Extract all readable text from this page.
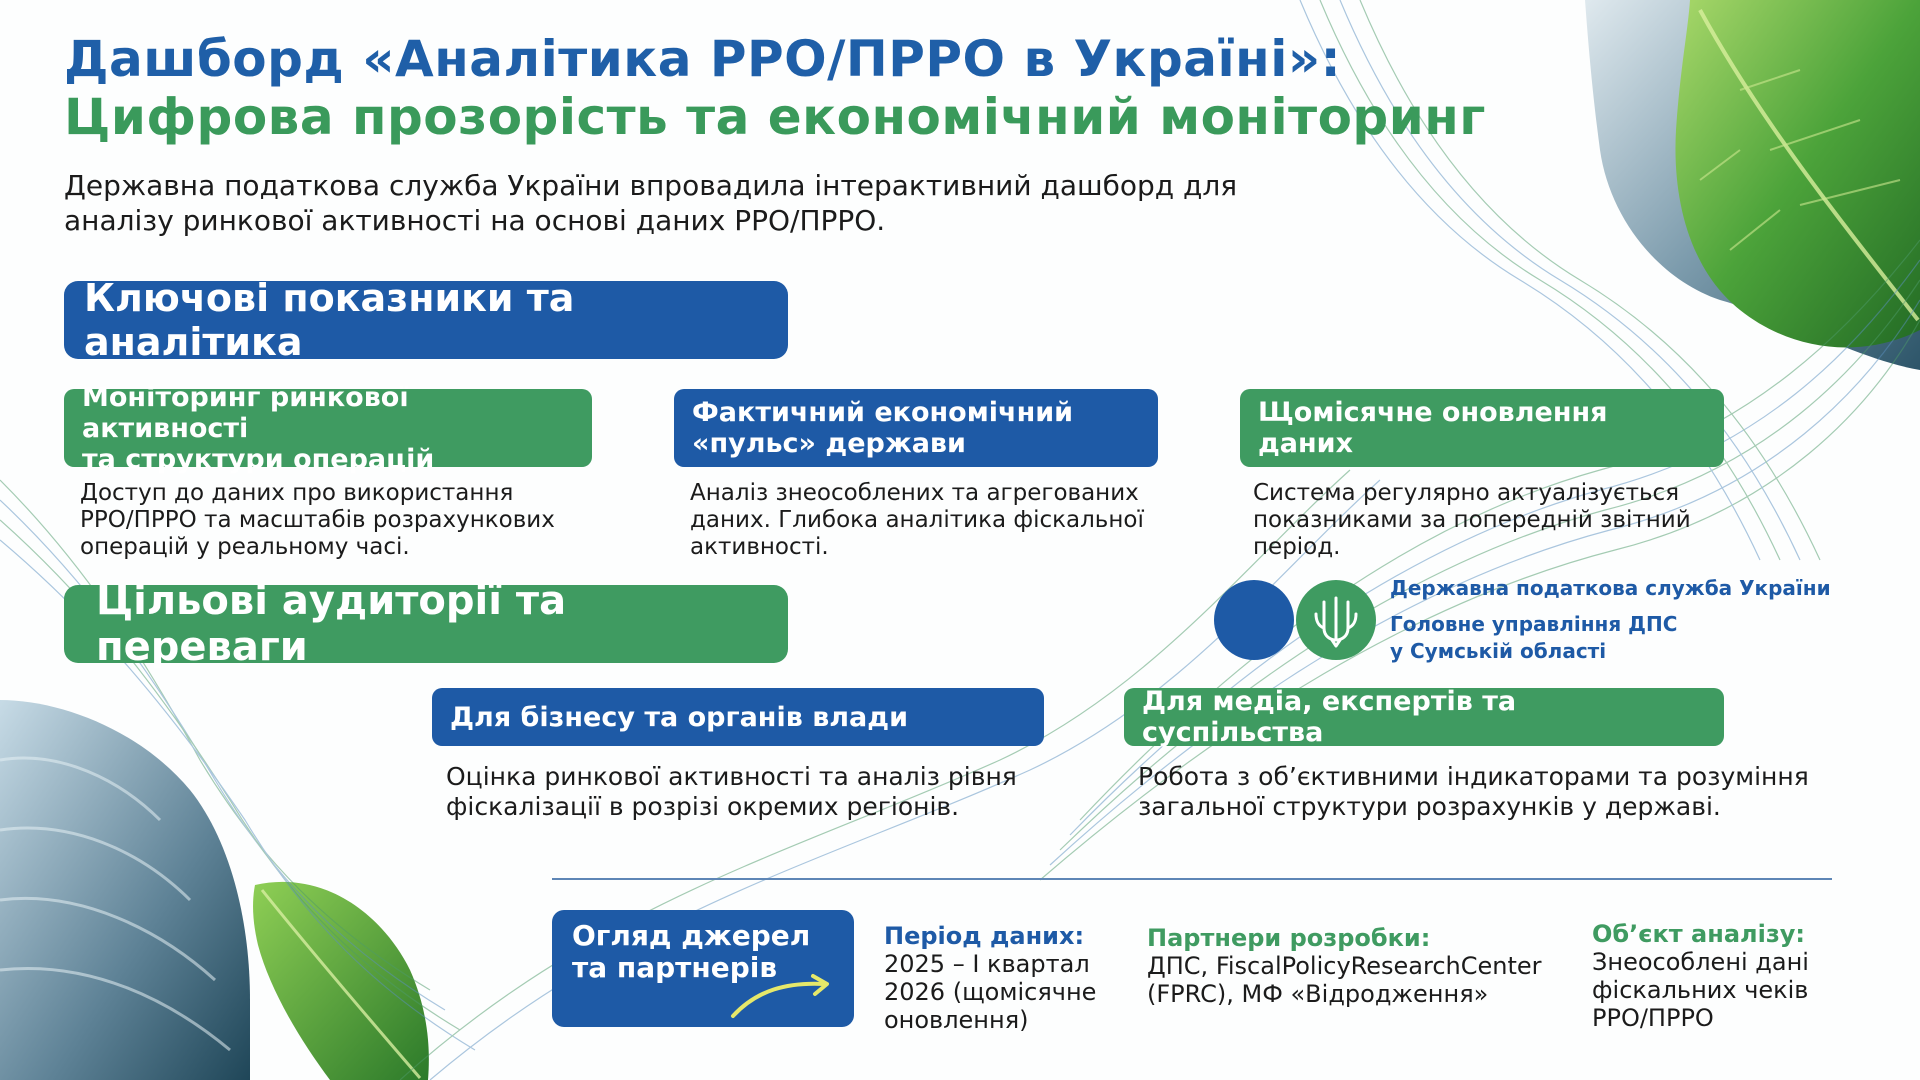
Дашборд «Аналітика РРО/ПРРО в Україні»:
Цифрова прозорість та економічний моніторинг
Державна податкова служба України впровадила інтерактивний дашборд для
аналізу ринкової активності на основі даних РРО/ПРРО.
Ключові показники та аналітика
Моніторинг ринкової активності
та структури операцій
Доступ до даних про використання
РРО/ПРРО та масштабів розрахункових
операцій у реальному часі.
Фактичний економічний
«пульс» держави
Аналіз знеособлених та агрегованих
даних. Глибока аналітика фіскальної
активності.
Щомісячне оновлення даних
Система регулярно актуалізується
показниками за попередній звітний
період.
Державна податкова служба України
Головне управління ДПС
у Сумській області
Цільові аудиторії та переваги
Для бізнесу та органів влади
Оцінка ринкової активності та аналіз рівня
фіскалізації в розрізі окремих регіонів.
Для медіа, експертів та суспільства
Робота з об’єктивними індикаторами та розуміння
загальної структури розрахунків у державі.
Огляд джерел
та партнерів
Період даних:
2025 – І квартал
2026 (щомісячне
оновлення)
Партнери розробки:
ДПС, FiscalPolicyResearchCenter
(FPRC), МФ «Відродження»
Об’єкт аналізу:
Знеособлені дані
фіскальних чеків
РРО/ПРРО
